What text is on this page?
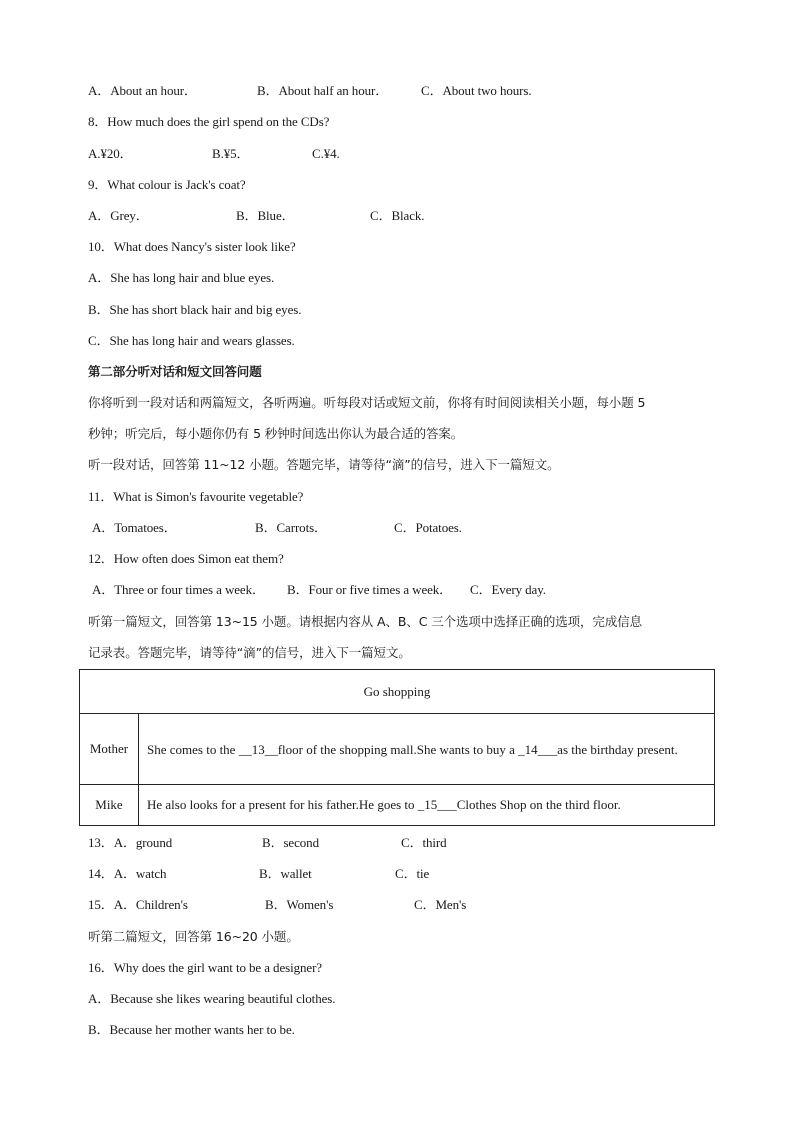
A．About an hour．	B．About half an hour．	C．About two hours.
8．How much does the girl spend on the CDs?
A.¥20．	B.¥5．	C.¥4.
9．What colour is Jack's coat?
A．Grey．	B．Blue．	C．Black.
10．What does Nancy's sister look like?
A．She has long hair and blue eyes.
B．She has short black hair and big eyes.
C．She has long hair and wears glasses.
第二部分听对话和短文回答问题
你将听到一段对话和两篇短文，各听两遍。听每段对话或短文前，你将有时间阅读相关小题，每小题 5
秒钟；听完后，每小题你仍有 5 秒钟时间选出你认为最合适的答案。
听一段对话，回答第 11~12 小题。答题完毕，请等待“滴”的信号，进入下一篇短文。
11．What is Simon's favourite vegetable?
A．Tomatoes．	B．Carrots．	C．Potatoes.
12．How often does Simon eat them?
A．Three or four times a week． B．Four or five times a week． C．Every day.
听第一篇短文，回答第 13~15 小题。请根据内容从 A、B、C 三个选项中选择正确的选项，完成信息
记录表。答题完毕，请等待“滴”的信号，进入下一篇短文。
Go shopping	
Mother	She comes to the __13__floor of the shopping mall.She wants to buy a _14___as the birthday present.
Mike	He also looks for a present for his father.He goes to _15___Clothes Shop on the third floor.
13．A．ground	B．second	C．third
14．A．watch	B．wallet	C．tie
15．A．Children's	B．Women's	C．Men's
听第二篇短文，回答第 16~20 小题。
16．Why does the girl want to be a designer?
A．Because she likes wearing beautiful clothes.
B．Because her mother wants her to be.
